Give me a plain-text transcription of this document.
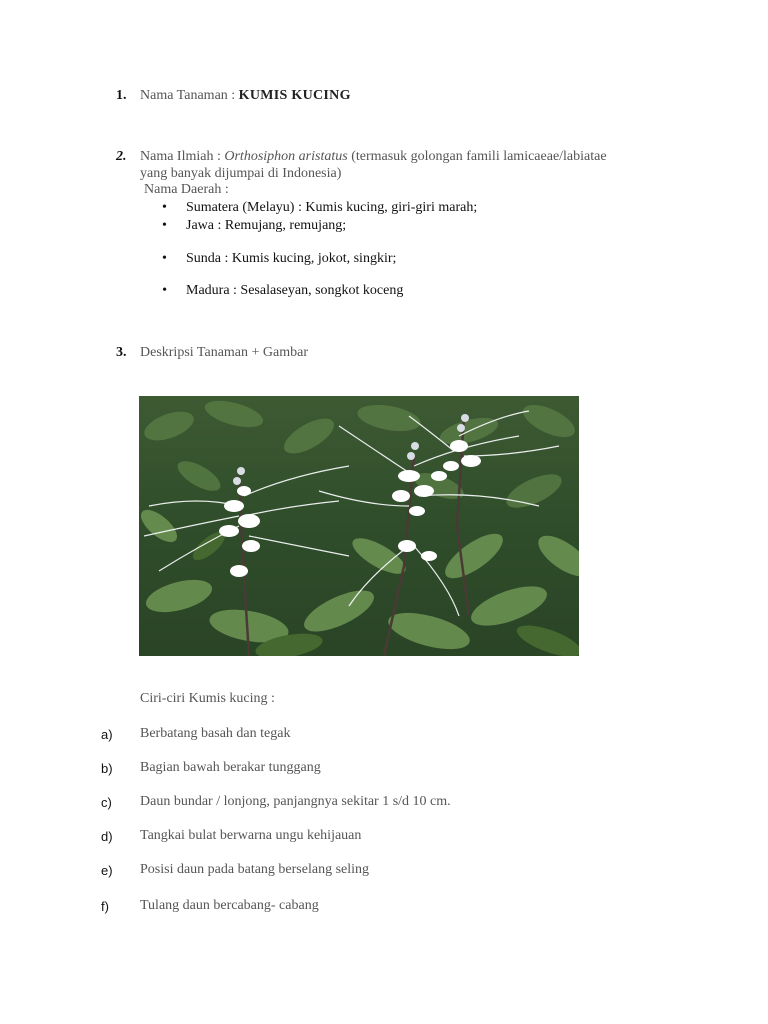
1. Nama Tanaman : KUMIS KUCING
2. Nama Ilmiah : Orthosiphon aristatus (termasuk golongan famili lamicaeae/labiatae
yang banyak dijumpai di Indonesia)
Nama Daerah :
• Sumatera (Melayu) : Kumis kucing, giri-giri marah;
• Jawa : Remujang, remujang;
• Sunda : Kumis kucing, jokot, singkir;
• Madura : Sesalaseyan, songkot koceng
3. Deskripsi Tanaman + Gambar
Ciri-ciri Kumis kucing :
a) Berbatang basah dan tegak
b) Bagian bawah berakar tunggang
c) Daun bundar / lonjong, panjangnya sekitar 1 s/d 10 cm.
d) Tangkai bulat berwarna ungu kehijauan
e) Posisi daun pada batang berselang seling
f) Tulang daun bercabang- cabang
